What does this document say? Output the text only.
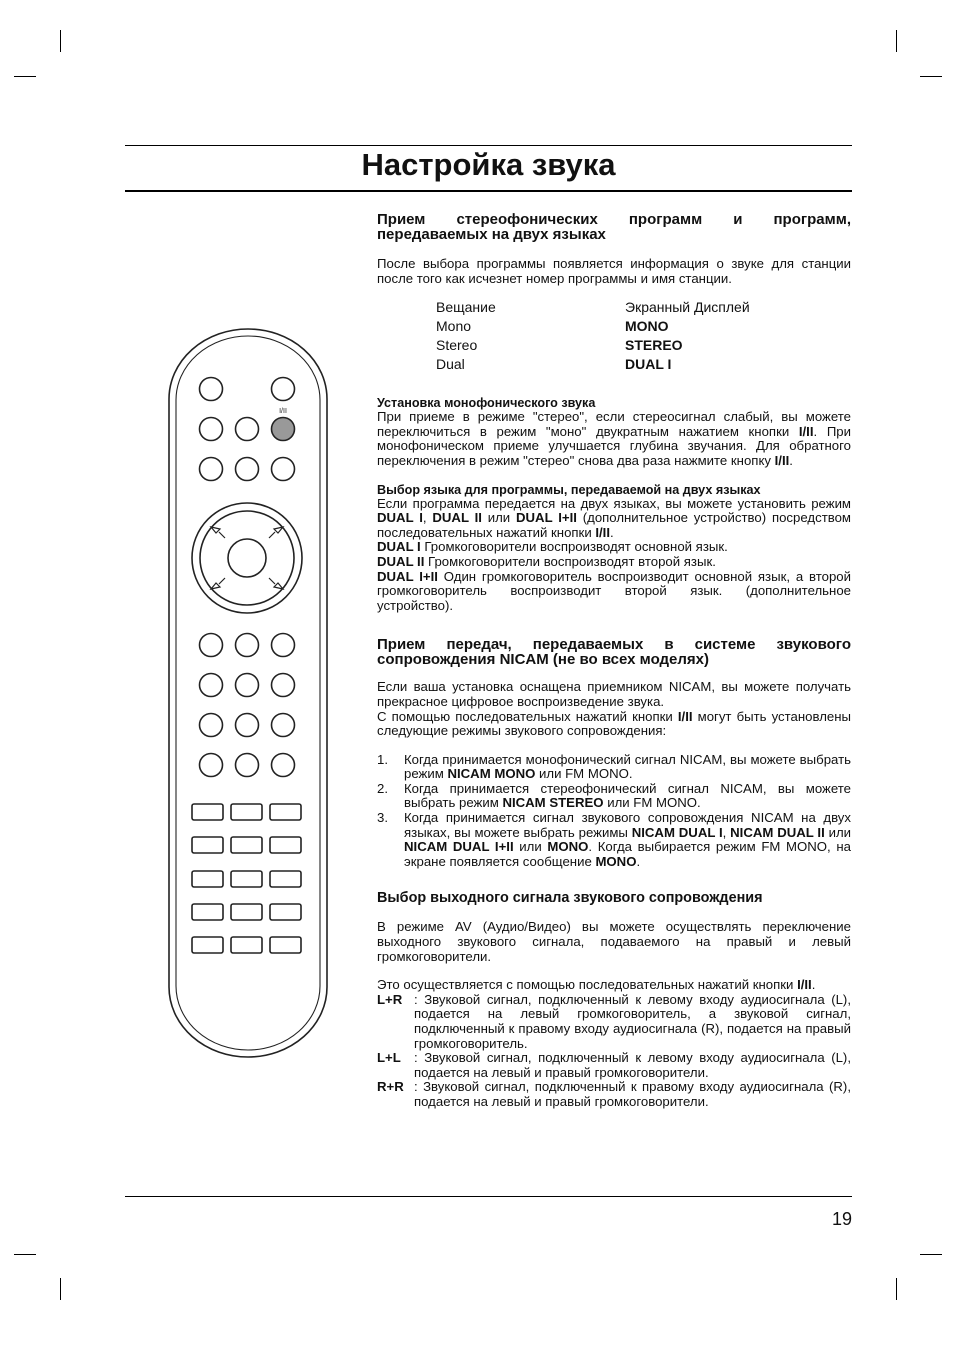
Настройка звука
I/II
Прием стереофонических программ и программ, передаваемых на двух языках

После выбора программы появляется информация о звуке для станции после того как исчезнет номер программы и имя станции.

Вещание	Экранный Дисплей
Mono	MONO
Stereo	STEREO
Dual	DUAL I
Установка монофонического звука

При приеме в режиме "стерео", если стереосигнал слабый, вы можете переключиться в режим "моно" двукратным нажатием кнопки I/II. При монофоническом приеме улучшается глубина звучания. Для обратного переключения в режим "стерео" снова два раза нажмите кнопку I/II.

Выбор языка для программы, передаваемой на двух языках

Если программа передается на двух языках, вы можете установить режим DUAL I, DUAL II или DUAL I+II (дополнительное устройство) посредством последовательных нажатий кнопки I/II.

DUAL I Громкоговорители воспроизводят основной язык.

DUAL II Громкоговорители воспроизводят второй язык.

DUAL I+II Один громкоговоритель воспроизводит основной язык, а второй громкоговоритель воспроизводит второй язык. (дополнительное устройство).

Прием передач, передаваемых в системе звукового сопровождения NICAM (не во всех моделях)

Если ваша установка оснащена приемником NICAM, вы можете получать прекрасное цифровое воспроизведение звука.

С помощью последовательных нажатий кнопки I/II могут быть установлены следующие режимы звукового сопровождения:

1.	Когда принимается монофонический сигнал NICAM, вы можете выбрать режим NICAM MONO или FM MONO.
2.	Когда принимается стереофонический сигнал NICAM, вы можете выбрать режим NICAM STEREO или FM MONO.
3.	Когда принимается сигнал звукового сопровождения NICAM на двух языках, вы можете выбрать режимы NICAM DUAL I, NICAM DUAL II или NICAM DUAL I+II или MONO. Когда выбирается режим FM MONO, на экране появляется сообщение MONO.
Выбор выходного сигнала звукового сопровождения

В режиме AV (Аудио/Видео) вы можете осуществлять переключение выходного звукового сигнала, подаваемого на правый и левый громкоговорители.

Это осуществляется с помощью последовательных нажатий кнопки I/II.

L+R : Звуковой сигнал, подключенный к левому входу аудиосигнала (L), подается на левый громкоговоритель, а звуковой сигнал, подключенный к правому входу аудиосигнала (R), подается на правый громкоговоритель.
L+L : Звуковой сигнал, подключенный к левому входу аудиосигнала (L), подается на левый и правый громкоговорители.
R+R : Звуковой сигнал, подключенный к правому входу аудиосигнала (R), подается на левый и правый громкоговорители.
19
